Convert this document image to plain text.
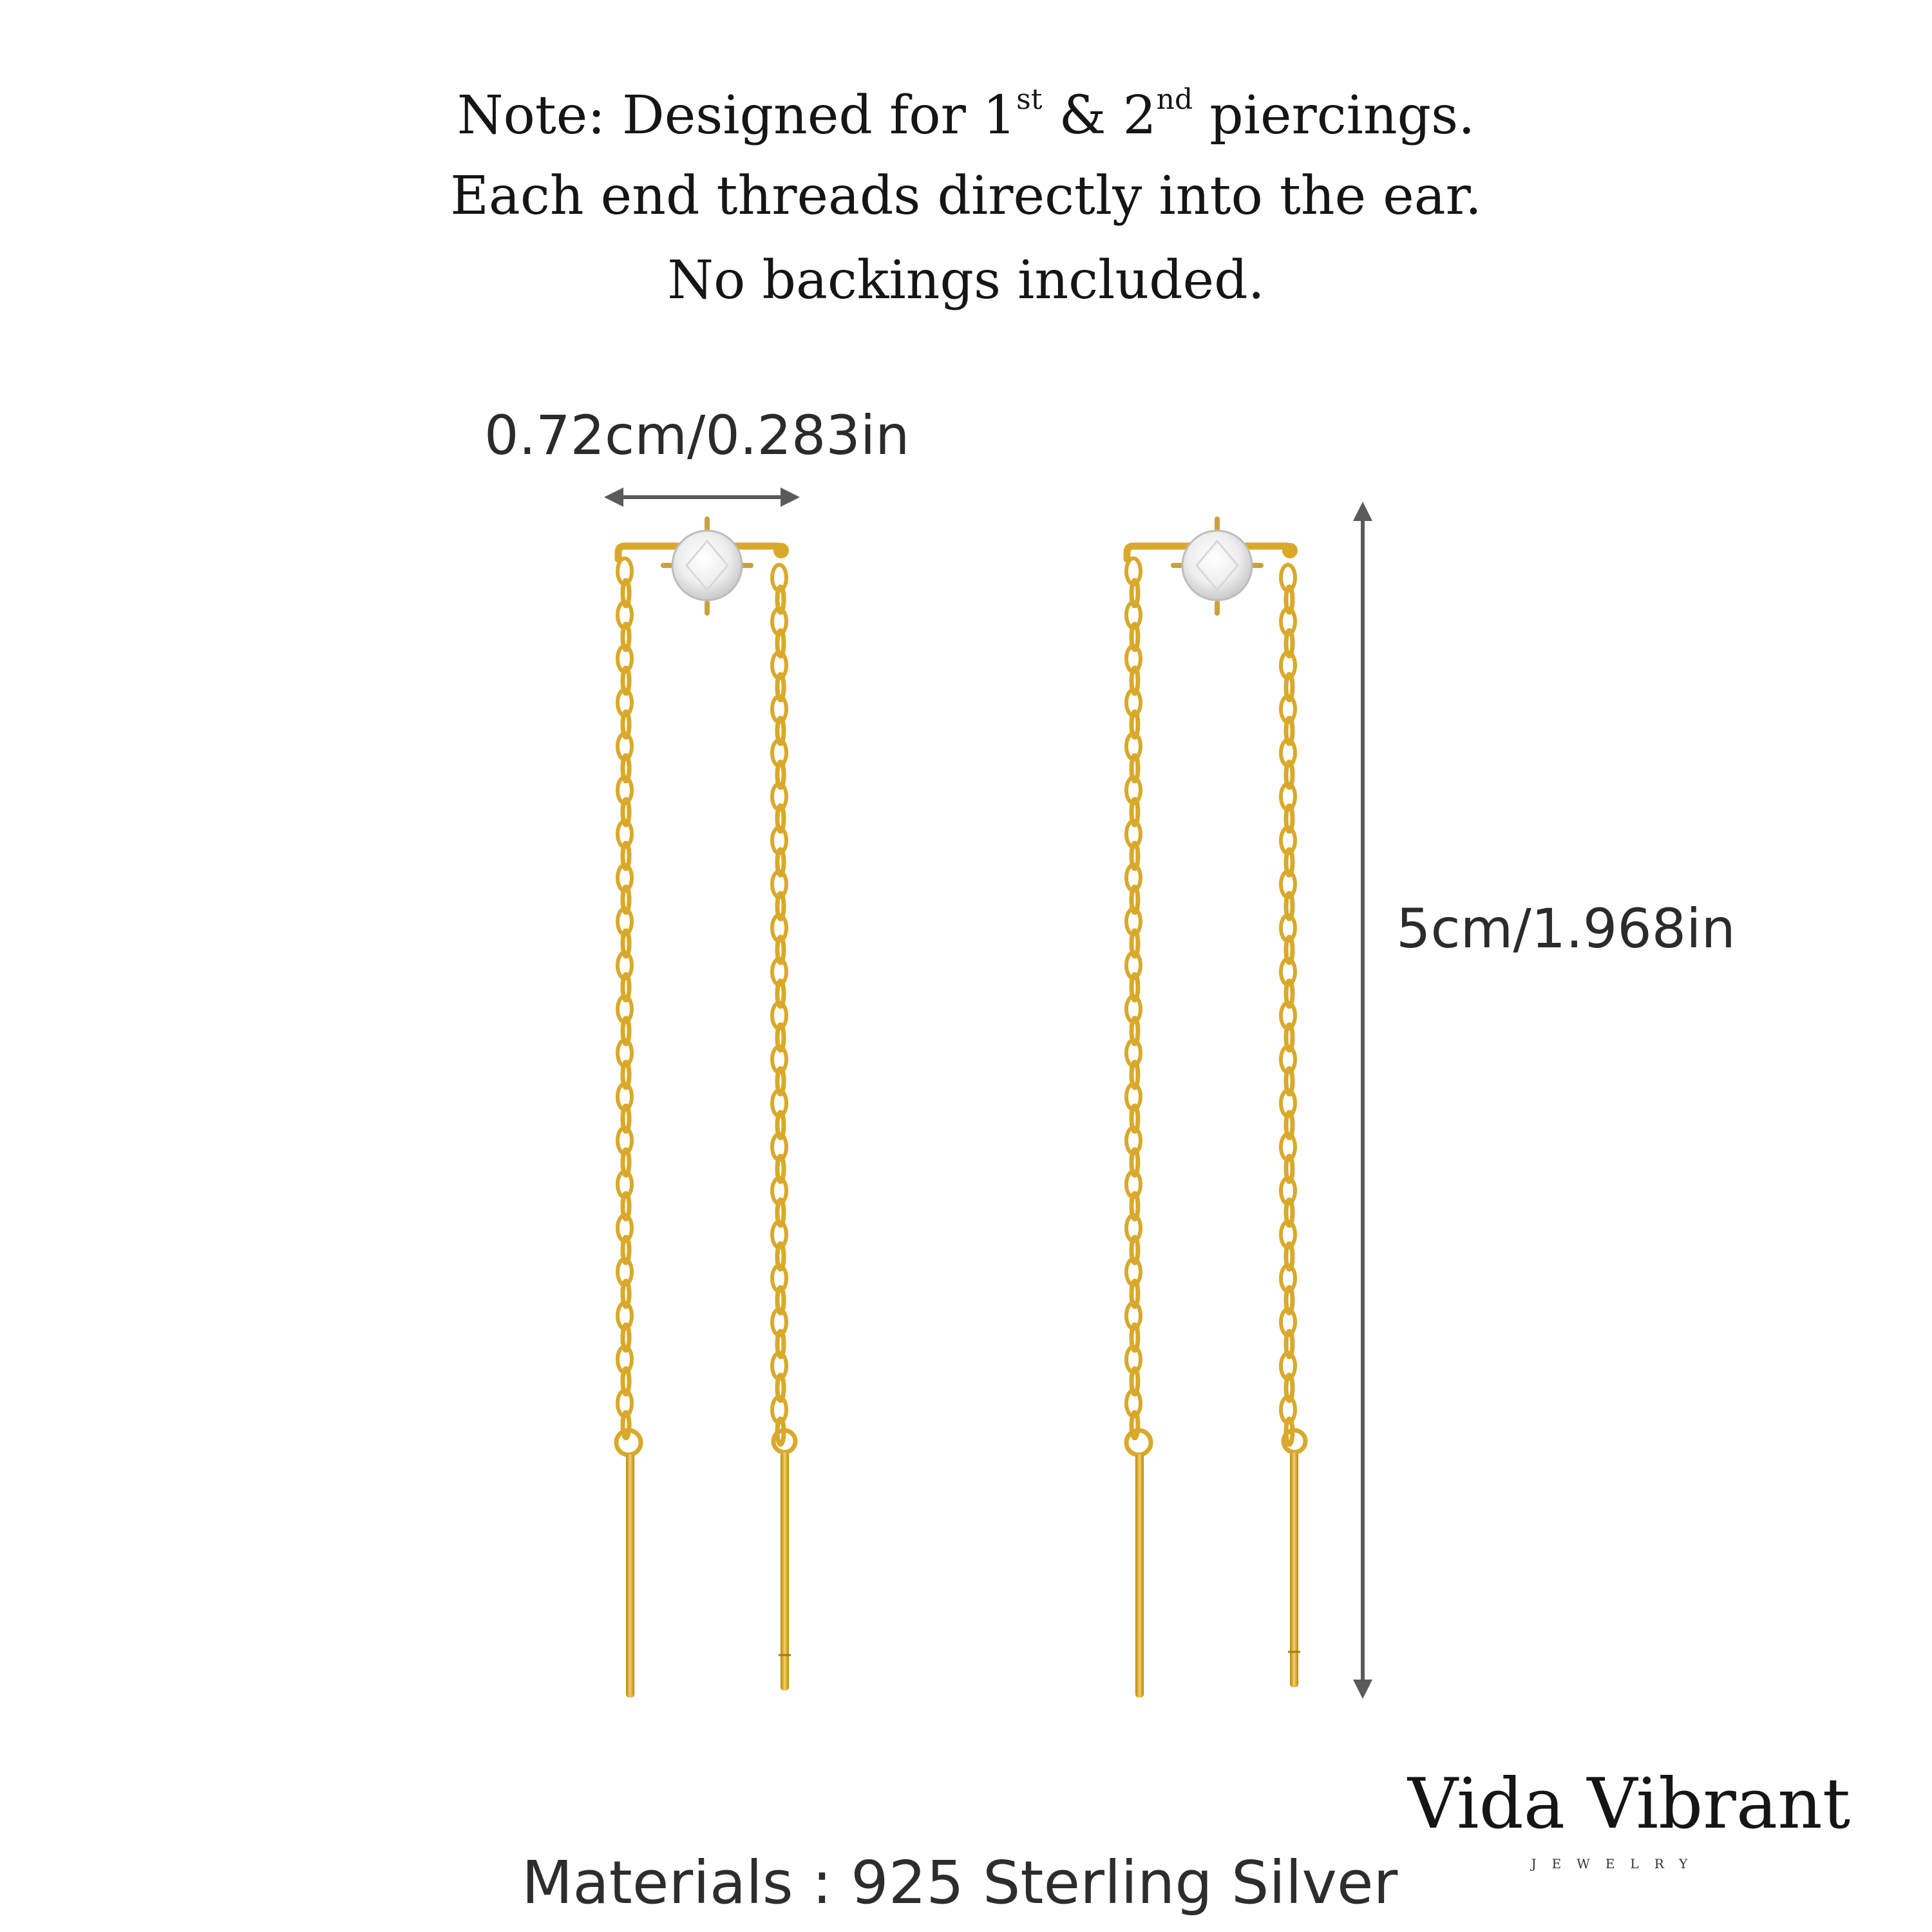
Note: Designed for 1st & 2nd piercings.
Each end threads directly into the ear.
No backings included.
0.72cm/0.283in
5cm/1.968in
Materials : 925 Sterling Silver
Vida Vibrant
JEWELRY
